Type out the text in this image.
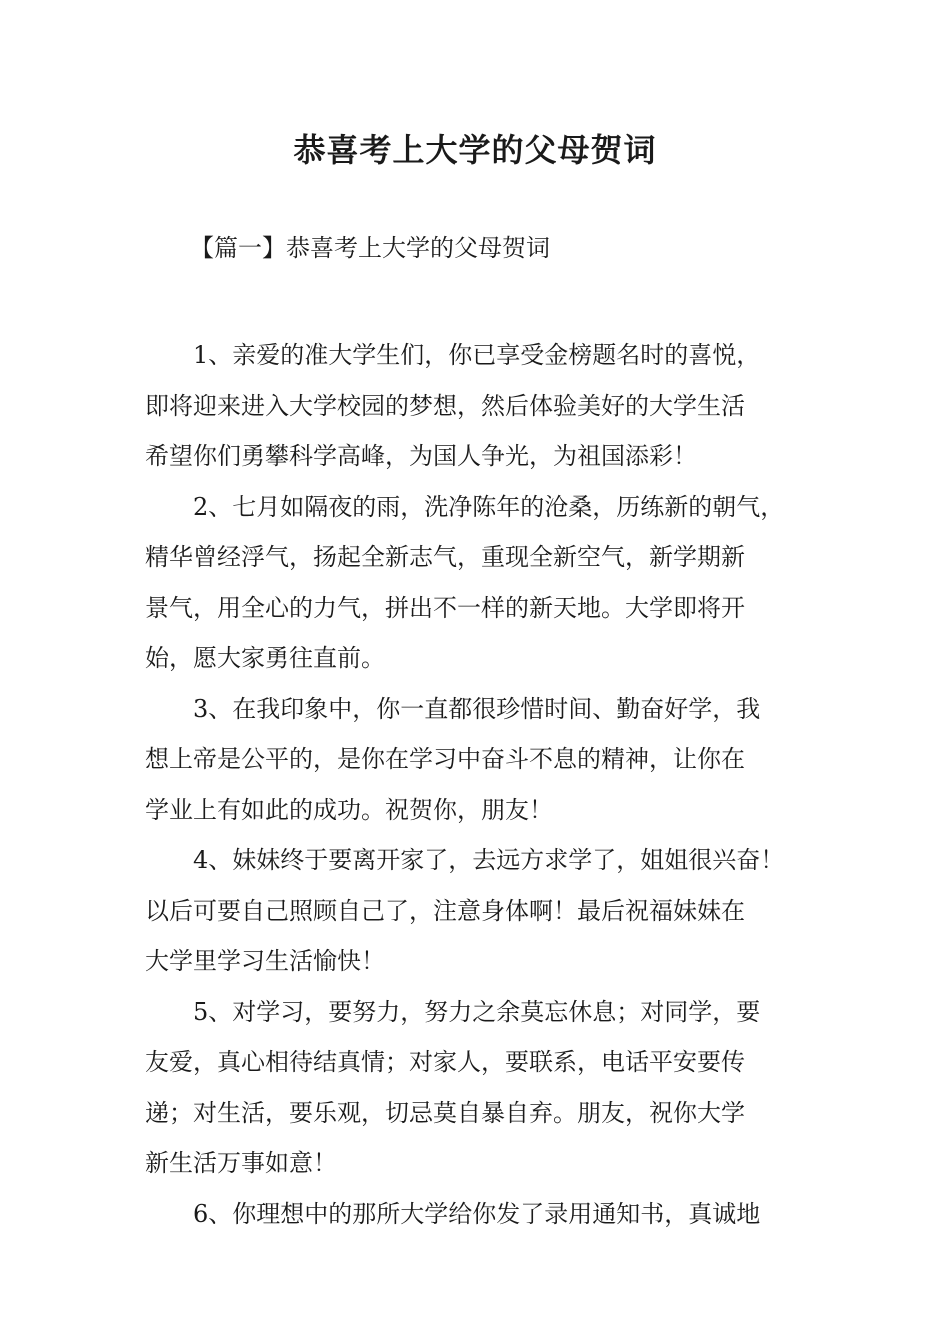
恭喜考上大学的父母贺词

【篇一】恭喜考上大学的父母贺词

1、亲爱的准大学生们，你已享受金榜题名时的喜悦，
即将迎来进入大学校园的梦想，然后体验美好的大学生活
希望你们勇攀科学高峰，为国人争光，为祖国添彩！

2、七月如隔夜的雨，洗净陈年的沧桑，历练新的朝气，
精华曾经浮气，扬起全新志气，重现全新空气，新学期新
景气，用全心的力气，拼出不一样的新天地。大学即将开
始，愿大家勇往直前。

3、在我印象中，你一直都很珍惜时间、勤奋好学，我
想上帝是公平的，是你在学习中奋斗不息的精神，让你在
学业上有如此的成功。祝贺你，朋友！

4、妹妹终于要离开家了，去远方求学了，姐姐很兴奋！
以后可要自己照顾自己了，注意身体啊！最后祝福妹妹在
大学里学习生活愉快！

5、对学习，要努力，努力之余莫忘休息；对同学，要
友爱，真心相待结真情；对家人，要联系，电话平安要传
递；对生活，要乐观，切忌莫自暴自弃。朋友，祝你大学
新生活万事如意！

6、你理想中的那所大学给你发了录用通知书，真诚地
